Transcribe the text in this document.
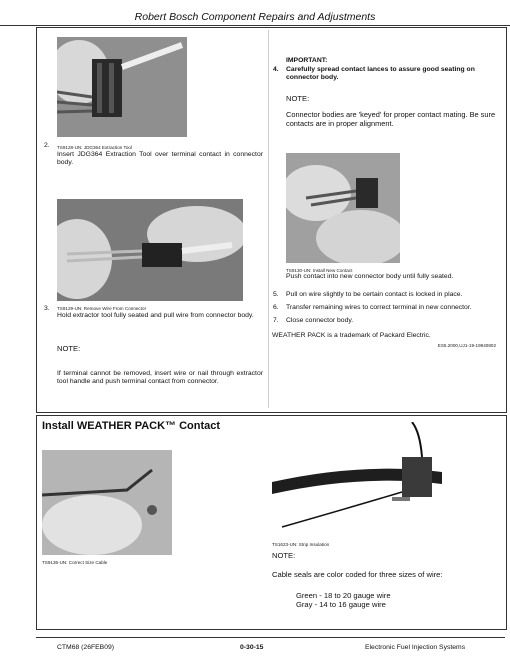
Robert Bosch Component Repairs and Adjustments
TS9128-UN: JDG364 Extraction Tool
2.
Insert JDG364 Extraction Tool over terminal contact in connector body.
3. TS9129-UN: Remove Wire From Connector
Hold extractor tool fully seated and pull wire from connector body.
NOTE:
If terminal cannot be removed, insert wire or nail through extractor tool handle and push terminal contact from connector.
IMPORTANT:
4. Carefully spread contact lances to assure good seating on connector body.
NOTE:
Connector bodies are 'keyed' for proper contact mating. Be sure contacts are in proper alignment.
TS9130-UN: Install New Contact
Push contact into new connector body until fully seated.
5. Pull on wire slightly to be certain contact is locked in place.
6. Transfer remaining wires to correct terminal in new connector.
7. Close connector body.
WEATHER PACK is a trademark of Packard Electric.
ES5.2000,UJ1-19-19940802
Install WEATHER PACK™ Contact
TS9136-UN: Correct Size Cable
TS1623-UN: Strip Insulation
NOTE:
Cable seals are color coded for three sizes of wire:
Green - 18 to 20 gauge wire
Gray - 14 to 16 gauge wire
CTM68 (26FEB09)	0-30-15	Electronic Fuel Injection Systems
